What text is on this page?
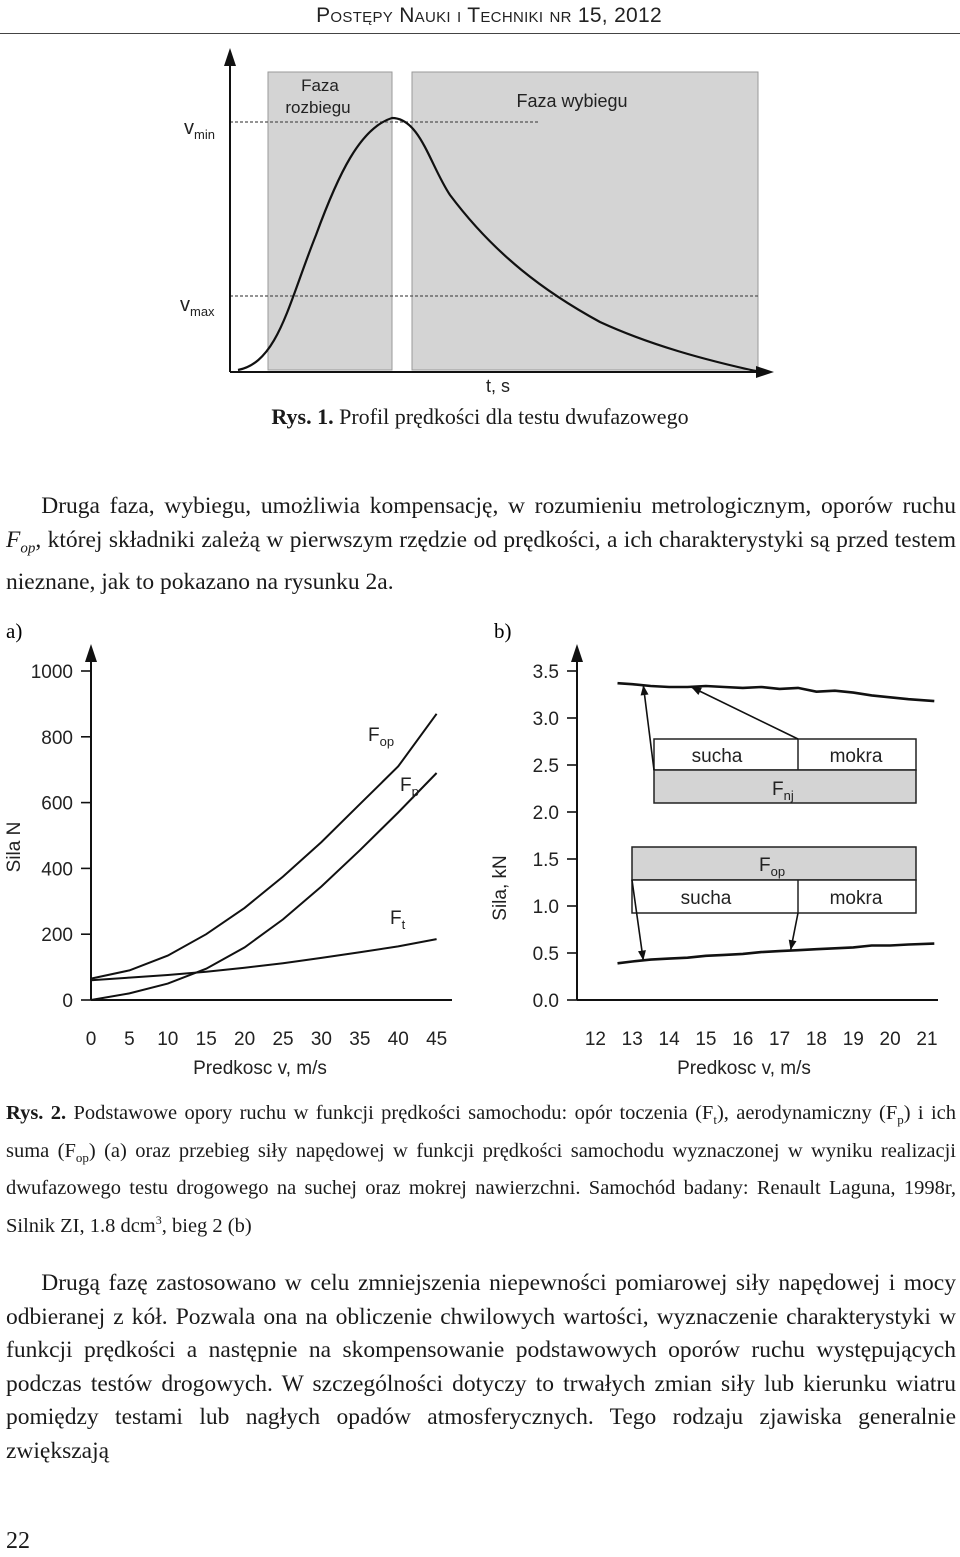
Postępy Nauki i Techniki nr 15, 2012
Faza
rozbiegu	Faza wybiegu
$v_{min}$
$v_{max}$
t, s
Rys. 1. Profil prędkości dla testu dwufazowego
  Druga faza, wybiegu, umożliwia kompensację, w rozumieniu metrologicznym, oporów ruchu $F_{op}$, której składniki zależą w pierwszym rzędzie od prędkości, a ich charakterystyki są przed testem nieznane, jak to pokazano na rysunku 2a.
a)	b)
0
200
400
600
800
1000
0 5 10 15 20 25 30 35 40 45
Sila N
Predkosc v, m/s
$F_{op}$
$F_p$
$F_t$
0.0
0.5
1.0
1.5
2.0
2.5
3.0
3.5
12 13 14 15 16 17 18 19 20 21
sucha	mokra
$F_{nj}$
$F_{op}$
sucha	mokra
Sila, kN
Predkosc v, m/s
Rys. 2. Podstawowe opory ruchu w funkcji prędkości samochodu: opór toczenia $(F_t)$, aerodynamiczny $(F_p)$ i ich suma $(F_{op})$ (a) oraz przebieg siły napędowej w funkcji prędkości samochodu wyznaczonej w wyniku realizacji dwufazowego testu drogowego na suchej oraz mokrej nawierzchni. Samochód badany: Renault Laguna, 1998r, Silnik ZI, 1.8 dcm$^3$, bieg 2 (b)
  Drugą fazę zastosowano w celu zmniejszenia niepewności pomiarowej siły napędowej i mocy odbieranej z kół. Pozwala ona na obliczenie chwilowych wartości, wyznaczenie charakterystyki w funkcji prędkości a następnie na skompensowanie podstawowych oporów ruchu występujących podczas testów drogowych. W szczególności dotyczy to trwałych zmian siły lub kierunku wiatru pomiędzy testami lub nagłych opadów atmosferycznych. Tego rodzaju zjawiska generalnie zwiększają
22
